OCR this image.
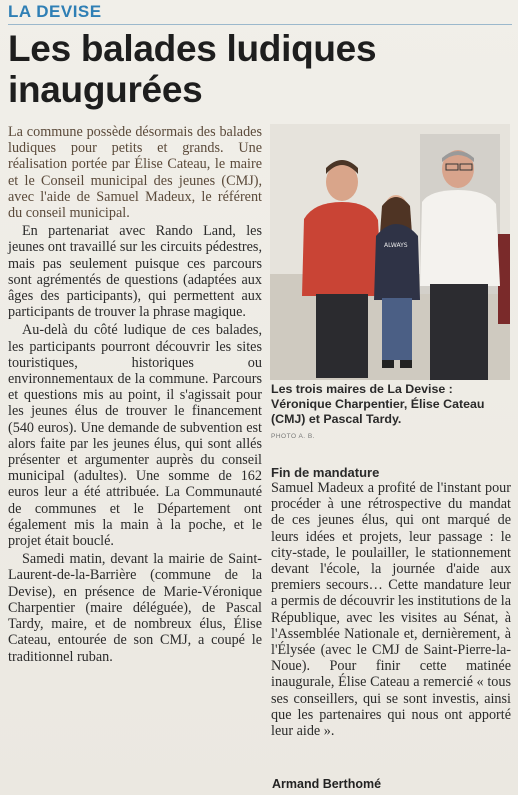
LA DEVISE
Les balades ludiques
inaugurées

La commune possède désormais des balades ludiques pour petits et grands. Une réalisation portée par Élise Cateau, le maire et le Conseil municipal des jeunes (CMJ), avec l'aide de Samuel Madeux, le référent du conseil municipal.

En partenariat avec Rando Land, les jeunes ont travaillé sur les circuits pédestres, mais pas seulement puisque ces parcours sont agrémentés de questions (adaptées aux âges des participants), qui permettent aux participants de trouver la phrase magique.

Au-delà du côté ludique de ces balades, les participants pourront découvrir les sites touristiques, historiques ou environnementaux de la commune. Parcours et questions mis au point, il s'agissait pour les jeunes élus de trouver le financement (540 euros). Une demande de subvention est alors faite par les jeunes élus, qui sont allés présenter et argumenter auprès du conseil municipal (adultes). Une somme de 162 euros leur a été attribuée. La Communauté de communes et le Département ont également mis la main à la poche, et le projet était bouclé.

Samedi matin, devant la mairie de Saint-Laurent-de-la-Barrière (commune de la Devise), en présence de Marie-Véronique Charpentier (maire déléguée), de Pascal Tardy, maire, et de nombreux élus, Élise Cateau, entourée de son CMJ, a coupé le traditionnel ruban.

ALWAYS
Les trois maires de La Devise : Véronique Charpentier, Élise Cateau (CMJ) et Pascal Tardy.
PHOTO A. B.
Fin de mandature

Samuel Madeux a profité de l'instant pour procéder à une rétrospective du mandat de ces jeunes élus, qui ont marqué de leurs idées et projets, leur passage : le city-stade, le poulailler, le stationnement devant l'école, la journée d'aide aux premiers secours… Cette mandature leur a permis de découvrir les institutions de la République, avec les visites au Sénat, à l'Assemblée Nationale et, dernièrement, à l'Élysée (avec le CMJ de Saint-Pierre-la-Noue). Pour finir cette matinée inaugurale, Élise Cateau a remercié « tous ses conseillers, qui se sont investis, ainsi que les partenaires qui nous ont apporté leur aide ».

Armand Berthomé
